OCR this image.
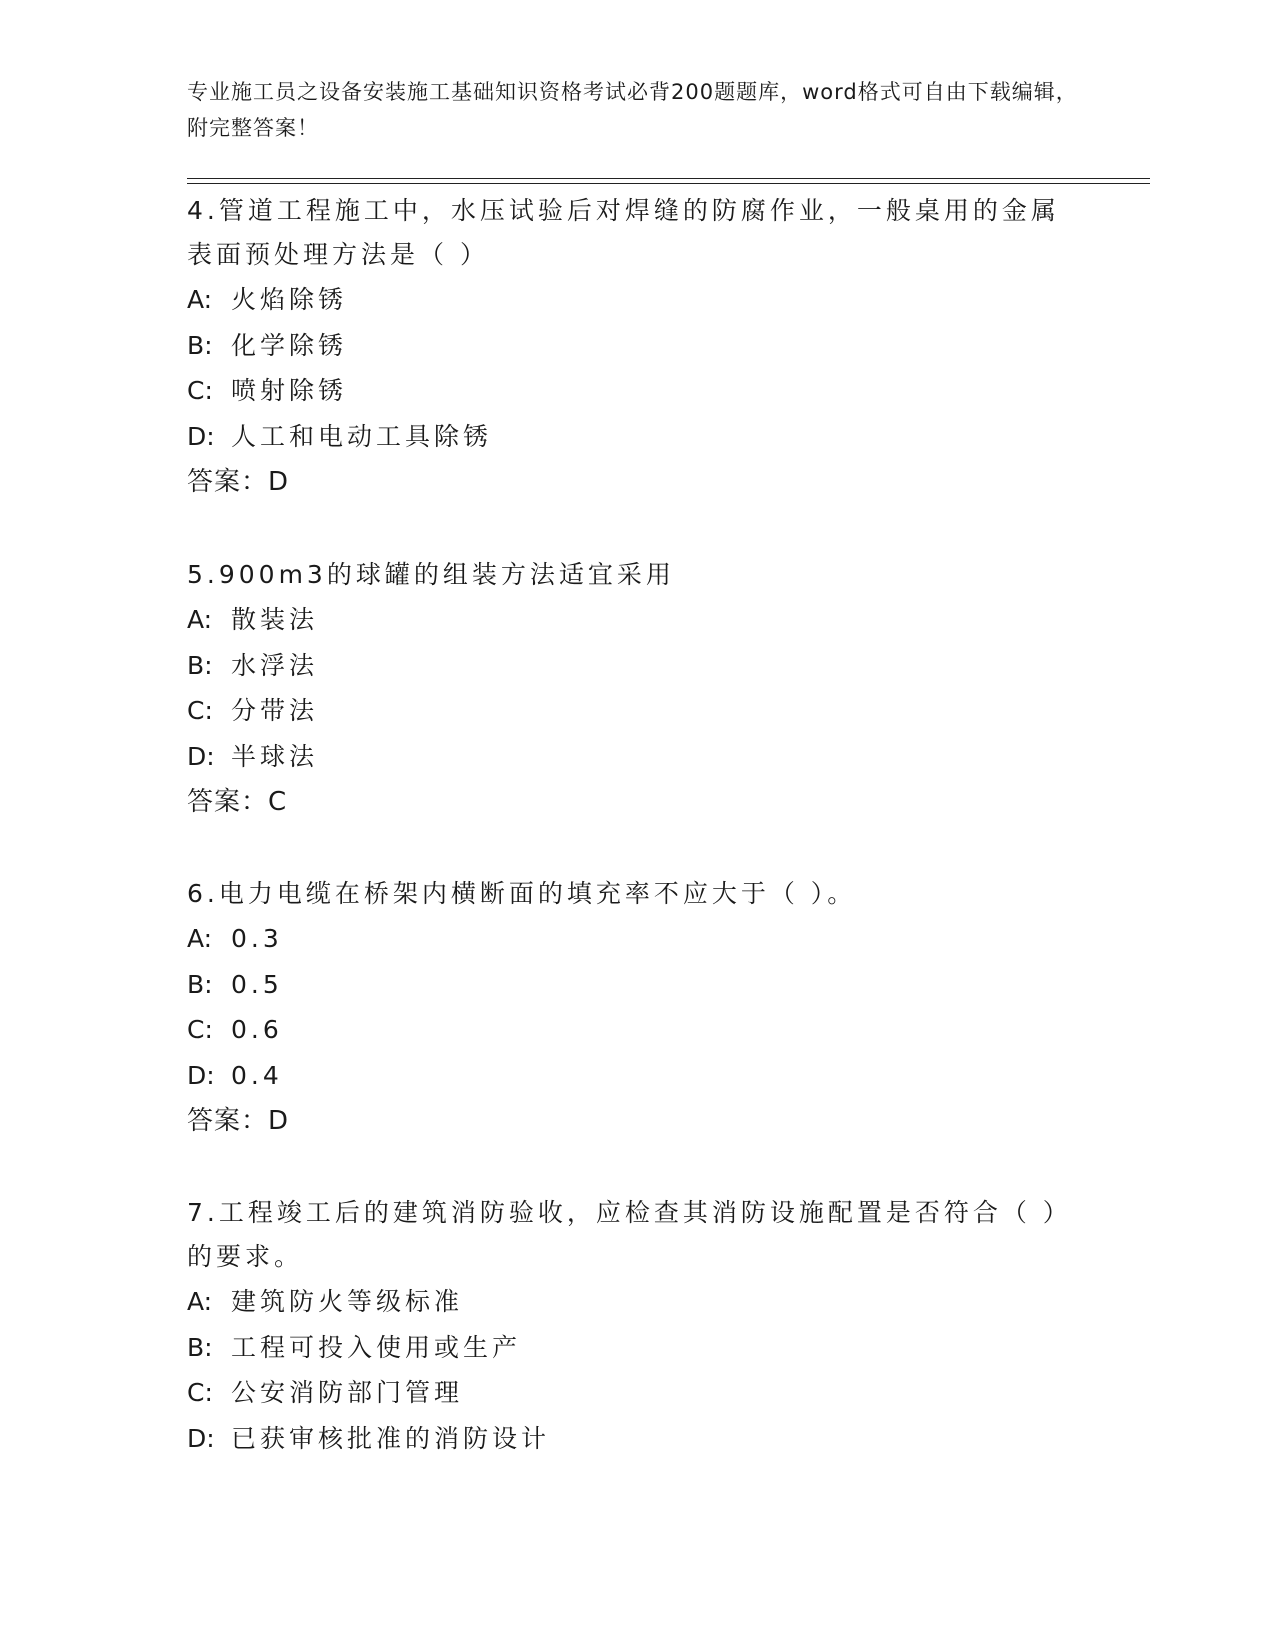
专业施工员之设备安装施工基础知识资格考试必背200题题库，word格式可自由下载编辑，附完整答案！
4.管道工程施工中，水压试验后对焊缝的防腐作业，一般桌用的金属表面预处理方法是（ ）
A: 火焰除锈
B: 化学除锈
C: 喷射除锈
D: 人工和电动工具除锈
答案：D
5.900m3的球罐的组装方法适宜采用
A: 散装法
B: 水浮法
C: 分带法
D: 半球法
答案：C
6.电力电缆在桥架内横断面的填充率不应大于（ ）。
A: 0.3
B: 0.5
C: 0.6
D: 0.4
答案：D
7.工程竣工后的建筑消防验收，应检查其消防设施配置是否符合（ ）的要求。
A: 建筑防火等级标准
B: 工程可投入使用或生产
C: 公安消防部门管理
D: 已获审核批准的消防设计
